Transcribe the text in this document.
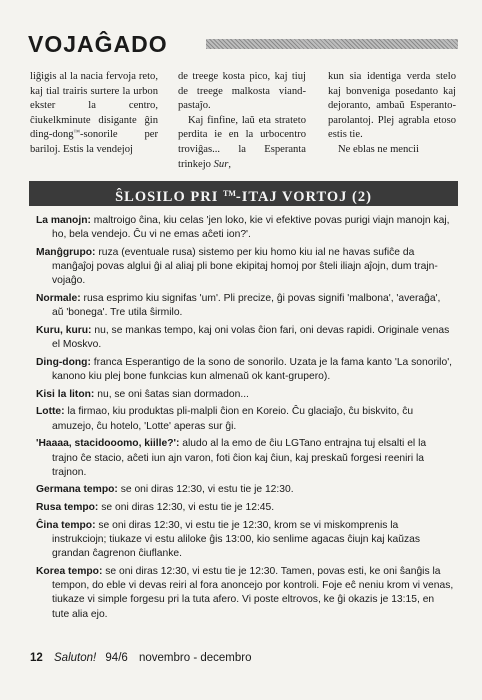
VOJAĜADO

liĝigis al la nacia fervoja reto, kaj tial trairis surtere la urbon ekster la centro, ĉiukelkminute disigante ĝin ding-dong™-sonorile per bariloj. Estis la vendejoj

de treege kosta pico, kaj tiuj de treege malkosta viand-pastaĵo.

Kaj finfine, laŭ eta strateto perdita ie en la urbocentro troviĝas... la Esperanta trinkejo Sur,

kun sia identiga verda stelo kaj bonveniga posedanto kaj dejoranto, ambaŭ Esperanto-parolantoj. Plej agrabla etoso estis tie.

Ne eblas ne mencii

ŜLOSILO PRI ™-ITAJ VORTOJ (2)

La manojn: maltroigo ĉina, kiu celas 'jen loko, kie vi efektive povas purigi viajn manojn kaj, ho, bela vendejo. Ĉu vi ne emas aĉeti ion?'.

Manĝgrupo: ruza (eventuale rusa) sistemo per kiu homo kiu ial ne havas sufiĉe da manĝaĵoj povas alglui ĝi al aliaj pli bone ekipitaj homoj por ŝteli iliajn aĵojn, dum trajn-vojaĝo.

Normale: rusa esprimo kiu signifas 'um'. Pli precize, ĝi povas signifi 'malbona', 'averaĝa', aŭ 'bonega'. Tre utila ŝirmilo.

Kuru, kuru: nu, se mankas tempo, kaj oni volas ĉion fari, oni devas rapidi. Originale venas el Moskvo.

Ding-dong: franca Esperantigo de la sono de sonorilo. Uzata je la fama kanto 'La sonorilo', kanono kiu plej bone funkcias kun almenaŭ ok kant-grupero).

Kisi la liton: nu, se oni ŝatas sian dormadon...

Lotte: la firmao, kiu produktas pli-malpli ĉion en Koreio. Ĉu glaciaĵo, ĉu biskvito, ĉu amuzejo, ĉu hotelo, 'Lotte' aperas sur ĝi.

'Haaaa, stacidooomo, kiille?': aludo al la emo de ĉiu LGTano entrajna tuj elsalti el la trajno ĉe stacio, aĉeti iun ajn varon, foti ĉion kaj ĉiun, kaj preskaŭ forgesi reeniri la trajnon.

Germana tempo: se oni diras 12:30, vi estu tie je 12:30.

Rusa tempo: se oni diras 12:30, vi estu tie je 12:45.

Ĉina tempo: se oni diras 12:30, vi estu tie je 12:30, krom se vi miskomprenis la instrukciojn; tiukaze vi estu aliloke ĝis 13:00, kio senlime agacas ĉiujn kaj kaŭzas grandan ĉagrenon ĉiuflanke.

Korea tempo: se oni diras 12:30, vi estu tie je 12:30. Tamen, povas esti, ke oni ŝanĝis la tempon, do eble vi devas reiri al fora anoncejo por kontroli. Foje eĉ neniu krom vi venas, tiukaze vi simple forgesu pri la tuta afero. Vi poste eltrovos, ke ĝi okazis je 13:15, en tute alia ejo.

12 Saluton! 94/6 novembro - decembro
